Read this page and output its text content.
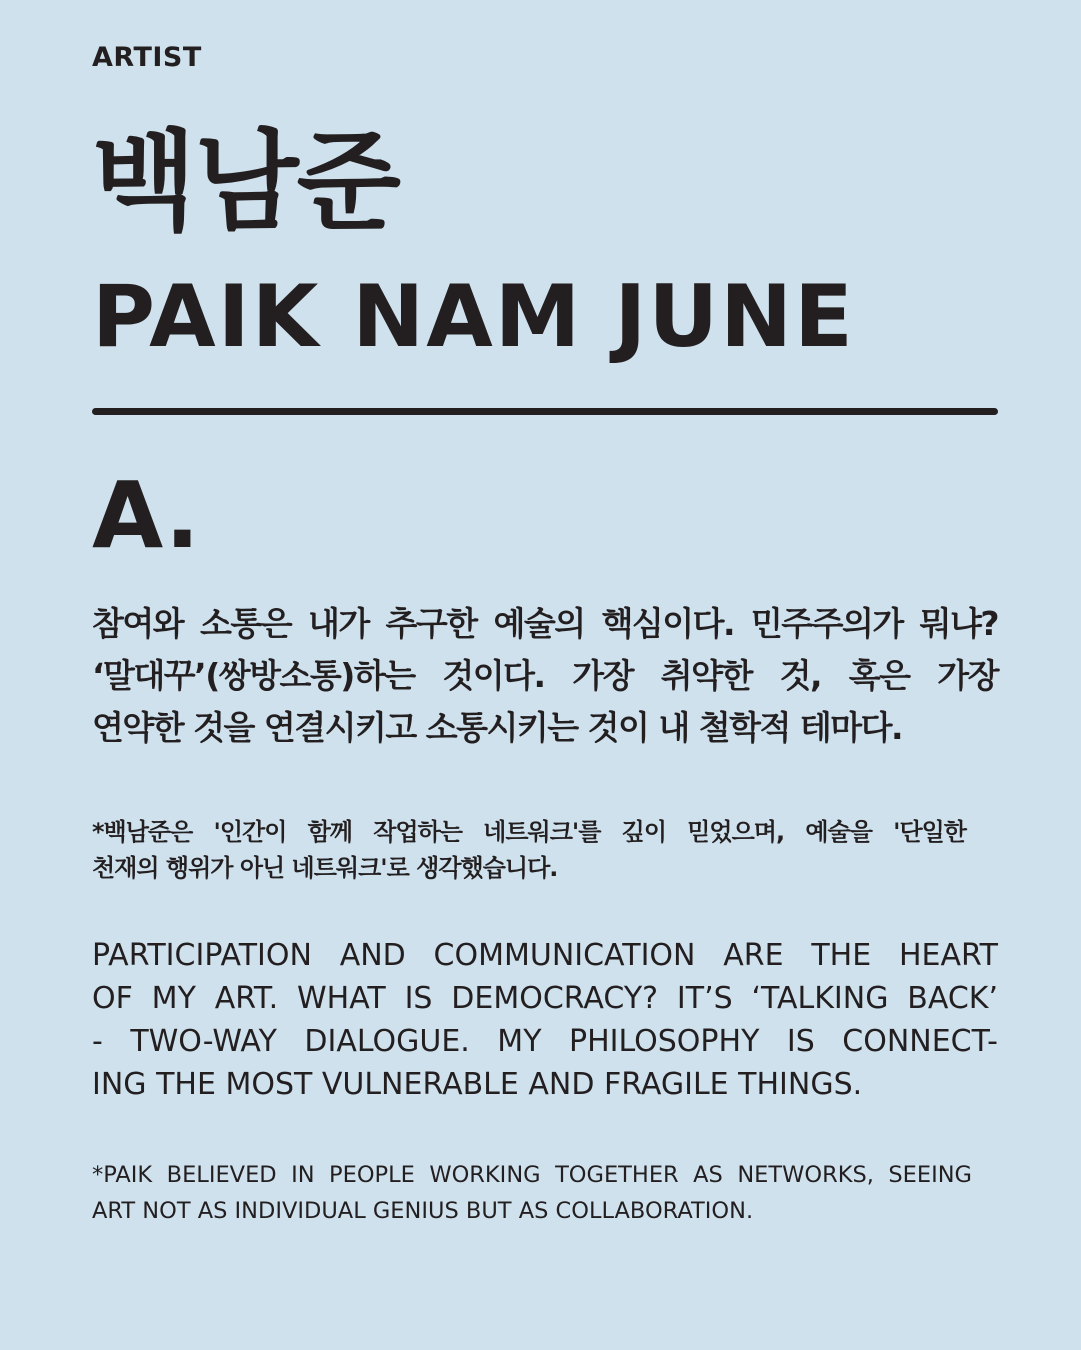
ARTIST
백남준
PAIK NAM JUNE
A.
참여와 소통은 내가 추구한 예술의 핵심이다. 민주주의가 뭐냐?
‘말대꾸’(쌍방소통)하는 것이다. 가장 취약한 것, 혹은 가장
연약한 것을 연결시키고 소통시키는 것이 내 철학적 테마다.
*백남준은 '인간이 함께 작업하는 네트워크'를 깊이 믿었으며, 예술을 '단일한
천재의 행위가 아닌 네트워크'로 생각했습니다.
PARTICIPATION AND COMMUNICATION ARE THE HEART
OF MY ART. WHAT IS DEMOCRACY? IT’S ‘TALKING BACK’
- TWO-WAY DIALOGUE. MY PHILOSOPHY IS CONNECT-
ING THE MOST VULNERABLE AND FRAGILE THINGS.
*PAIK BELIEVED IN PEOPLE WORKING TOGETHER AS NETWORKS, SEEING
ART NOT AS INDIVIDUAL GENIUS BUT AS COLLABORATION.
